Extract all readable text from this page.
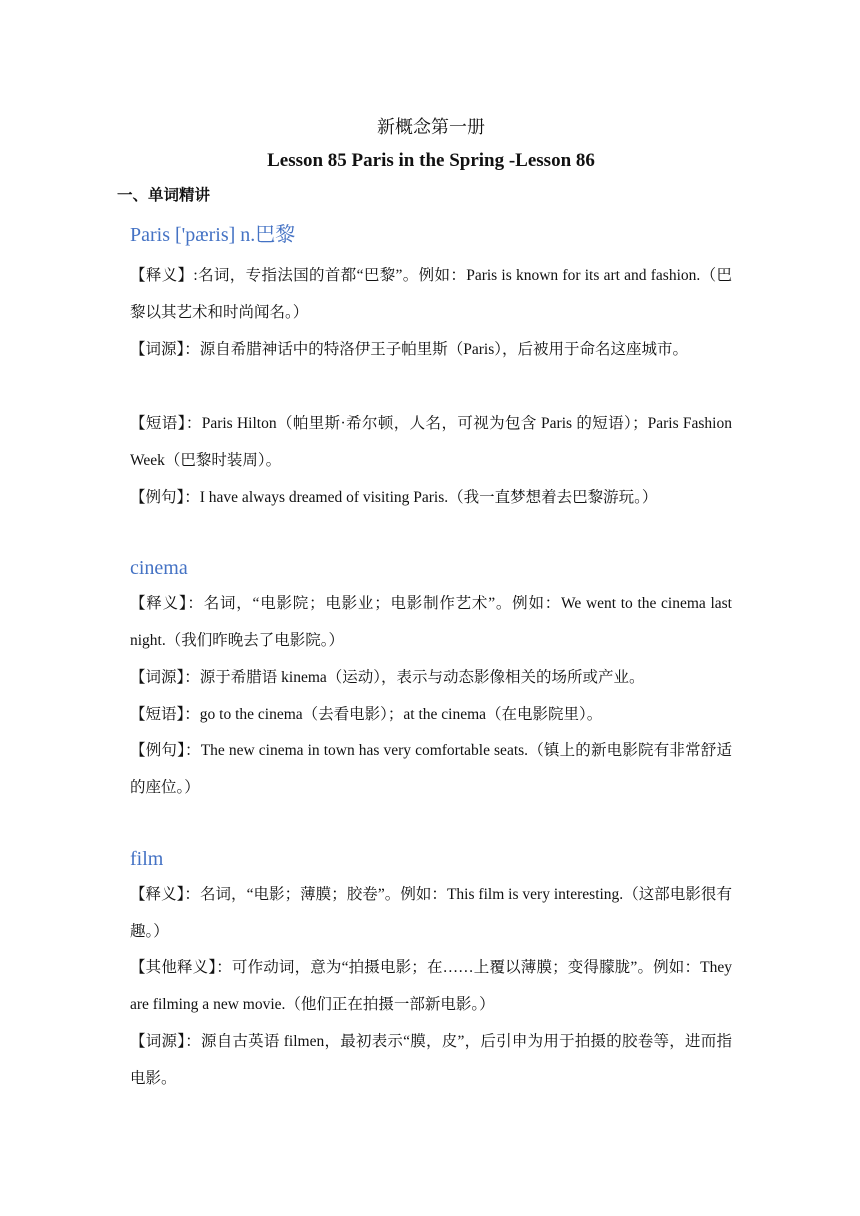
新概念第一册
Lesson 85 Paris in the Spring -Lesson 86
一、单词精讲
Paris ['pæris] n.巴黎

【释义】:名词，专指法国的首都“巴黎”。例如：Paris is known for its art and fashion.（巴黎以其艺术和时尚闻名。）

【词源】：源自希腊神话中的特洛伊王子帕里斯（Paris），后被用于命名这座城市。

【短语】：Paris Hilton（帕里斯·希尔顿，人名，可视为包含 Paris 的短语）；Paris Fashion Week（巴黎时装周）。

【例句】：I have always dreamed of visiting Paris.（我一直梦想着去巴黎游玩。）

cinema

【释义】：名词，“电影院；电影业；电影制作艺术”。例如：We went to the cinema last night.（我们昨晚去了电影院。）

【词源】：源于希腊语 kinema（运动），表示与动态影像相关的场所或产业。

【短语】：go to the cinema（去看电影）；at the cinema（在电影院里）。

【例句】：The new cinema in town has very comfortable seats.（镇上的新电影院有非常舒适的座位。）

film

【释义】：名词，“电影；薄膜；胶卷”。例如：This film is very interesting.（这部电影很有趣。）

【其他释义】：可作动词，意为“拍摄电影；在……上覆以薄膜；变得朦胧”。例如：They are filming a new movie.（他们正在拍摄一部新电影。）

【词源】：源自古英语 filmen，最初表示“膜，皮”，后引申为用于拍摄的胶卷等，进而指电影。
